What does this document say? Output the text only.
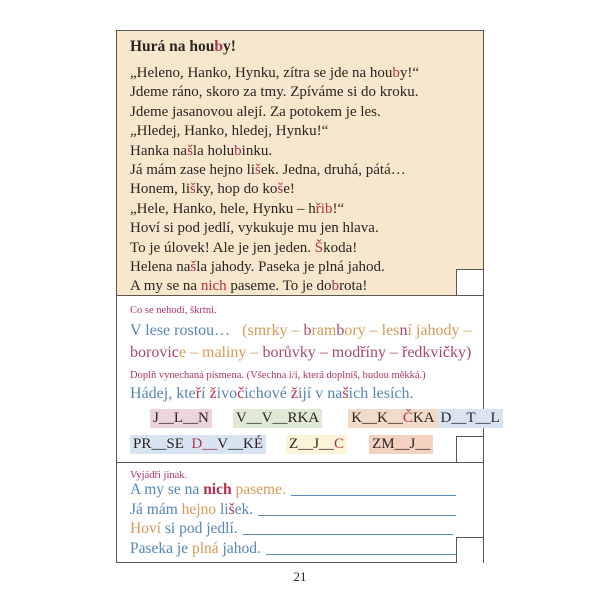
Hurá na houby!
„Heleno, Hanko, Hynku, zítra se jde na houby!“
Jdeme ráno, skoro za tmy. Zpíváme si do kroku.
Jdeme jasanovou alejí. Za potokem je les.
„Hledej, Hanko, hledej, Hynku!“
Hanka našla holubinku.
Já mám zase hejno lišek. Jedna, druhá, pátá…
Honem, lišky, hop do koše!
„Hele, Hanko, hele, Hynku – hřib!“
Hoví si pod jedlí, vykukuje mu jen hlava.
To je úlovek! Ale je jen jeden. Škoda!
Helena našla jahody. Paseka je plná jahod.
A my se na nich paseme. To je dobrota!
Co se nehodí, škrtni.
V lese rostou…   (smrky – brambory – lesní jahody –
borovice – maliny – borůvky – modříny – ředkvičky)
Doplň vynechaná písmena. (Všechna i/í, která doplníš, budou měkká.)
Hádej, kteří živočichové žijí v našich lesích.
J__L__N V__V__RKA K__K__ČKA D__T__L
PR__SE  D__V__KÉ Z__J__C ZM__J__
Vyjádři jinak.
A my se na nich paseme.
Já mám hejno lišek.
Hoví si pod jedlí.
Paseka je plná jahod.
21
